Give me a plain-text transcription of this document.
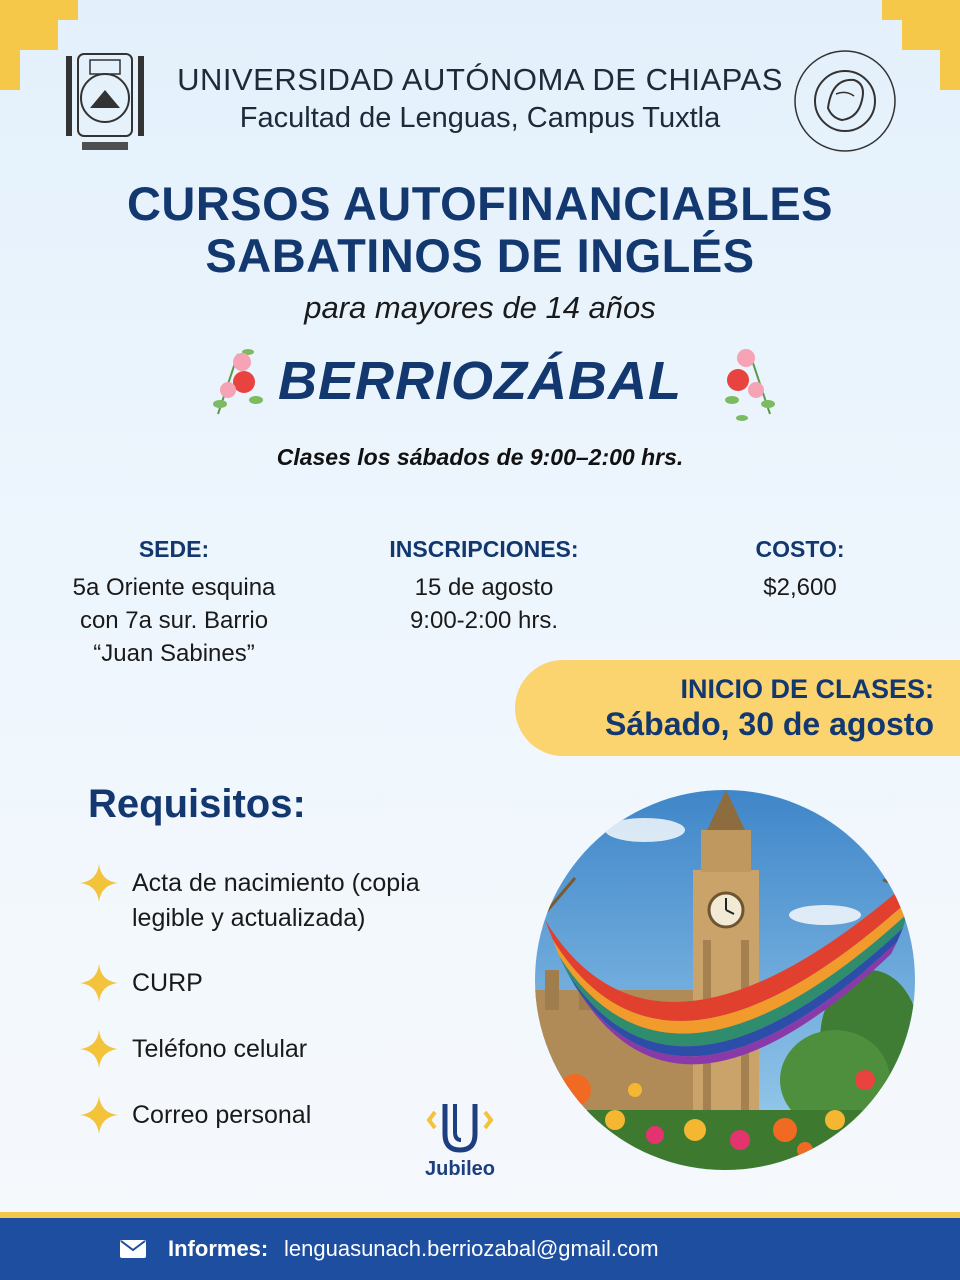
UNIVERSIDAD AUTÓNOMA DE CHIAPAS
Facultad de Lenguas, Campus Tuxtla
CURSOS AUTOFINANCIABLES
SABATINOS DE INGLÉS
para mayores de 14 años
BERRIOZÁBAL
Clases los sábados de 9:00–2:00 hrs.
SEDE:
5a Oriente esquina
con 7a sur. Barrio
“Juan Sabines”
INSCRIPCIONES:
15 de agosto
9:00-2:00 hrs.
COSTO:
$2,600
INICIO DE CLASES:
Sábado, 30 de agosto
Requisitos:
Acta de nacimiento (copia
legible y actualizada)
CURP
Teléfono celular
Correo personal
Jubileo
Informes: lenguasunach.berriozabal@gmail.com
